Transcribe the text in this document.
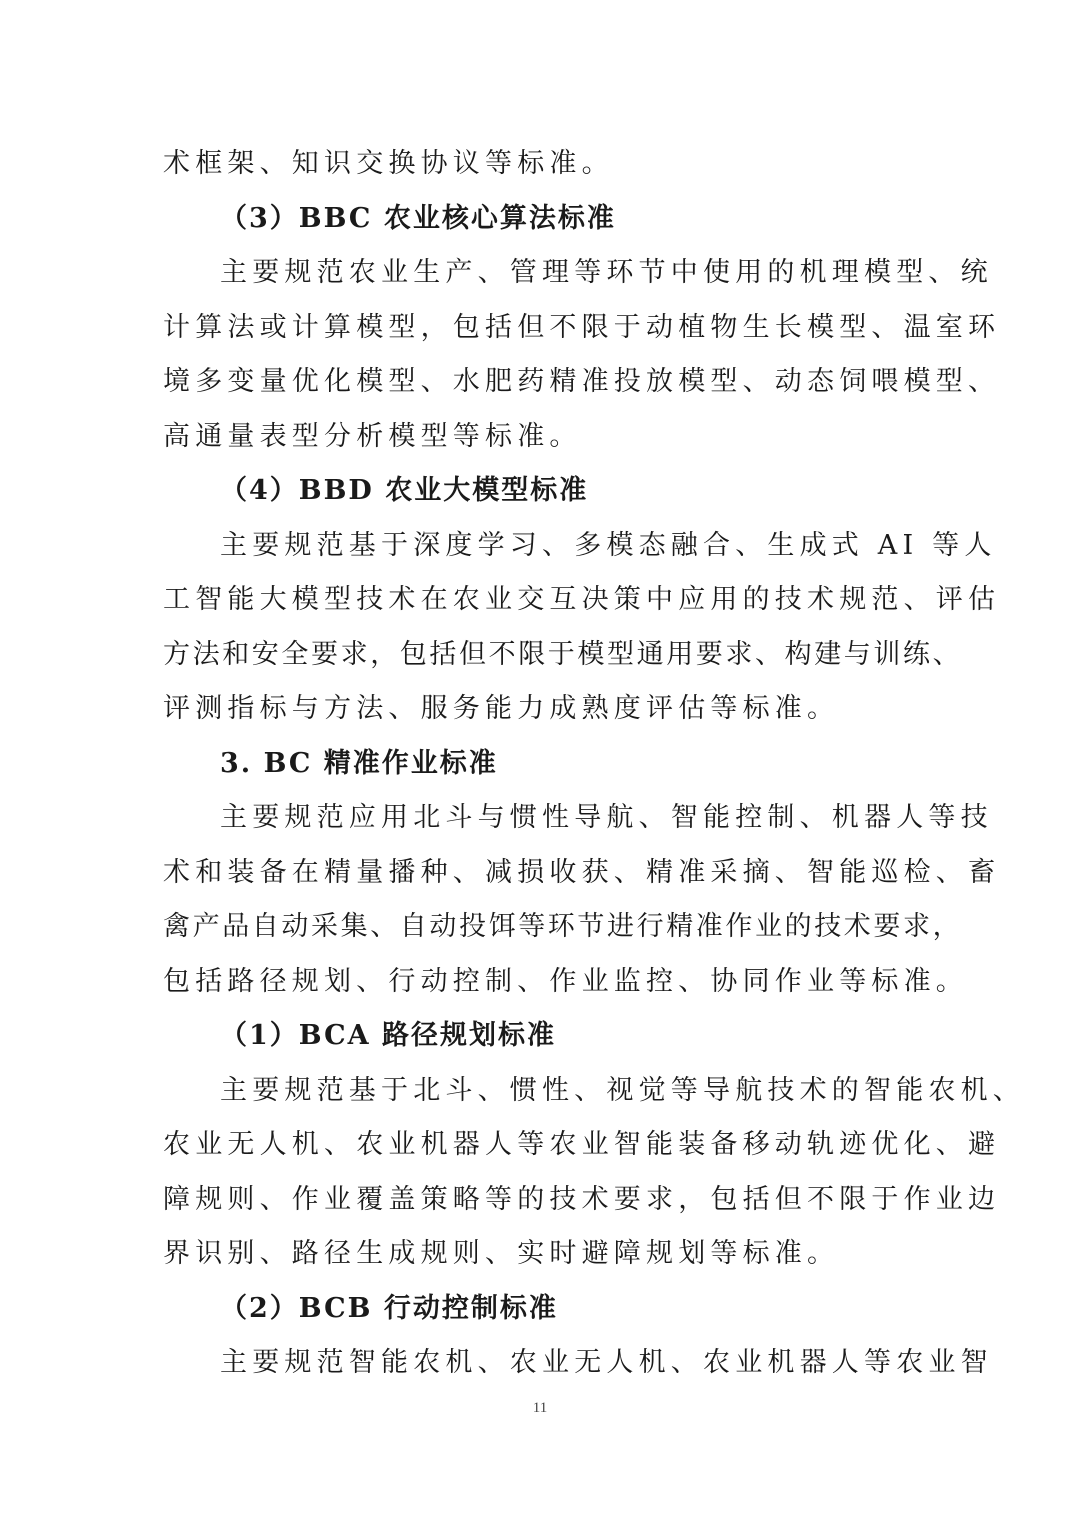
术框架、知识交换协议等标准。
（3）BBC 农业核心算法标准
主要规范农业生产、管理等环节中使用的机理模型、统
计算法或计算模型，包括但不限于动植物生长模型、温室环
境多变量优化模型、水肥药精准投放模型、动态饲喂模型、
高通量表型分析模型等标准。
（4）BBD 农业大模型标准
主要规范基于深度学习、多模态融合、生成式 AI 等人
工智能大模型技术在农业交互决策中应用的技术规范、评估
方法和安全要求，包括但不限于模型通用要求、构建与训练、
评测指标与方法、服务能力成熟度评估等标准。
3. BC 精准作业标准
主要规范应用北斗与惯性导航、智能控制、机器人等技
术和装备在精量播种、减损收获、精准采摘、智能巡检、畜
禽产品自动采集、自动投饵等环节进行精准作业的技术要求，
包括路径规划、行动控制、作业监控、协同作业等标准。
（1）BCA 路径规划标准
主要规范基于北斗、惯性、视觉等导航技术的智能农机、
农业无人机、农业机器人等农业智能装备移动轨迹优化、避
障规则、作业覆盖策略等的技术要求，包括但不限于作业边
界识别、路径生成规则、实时避障规划等标准。
（2）BCB 行动控制标准
主要规范智能农机、农业无人机、农业机器人等农业智
11
